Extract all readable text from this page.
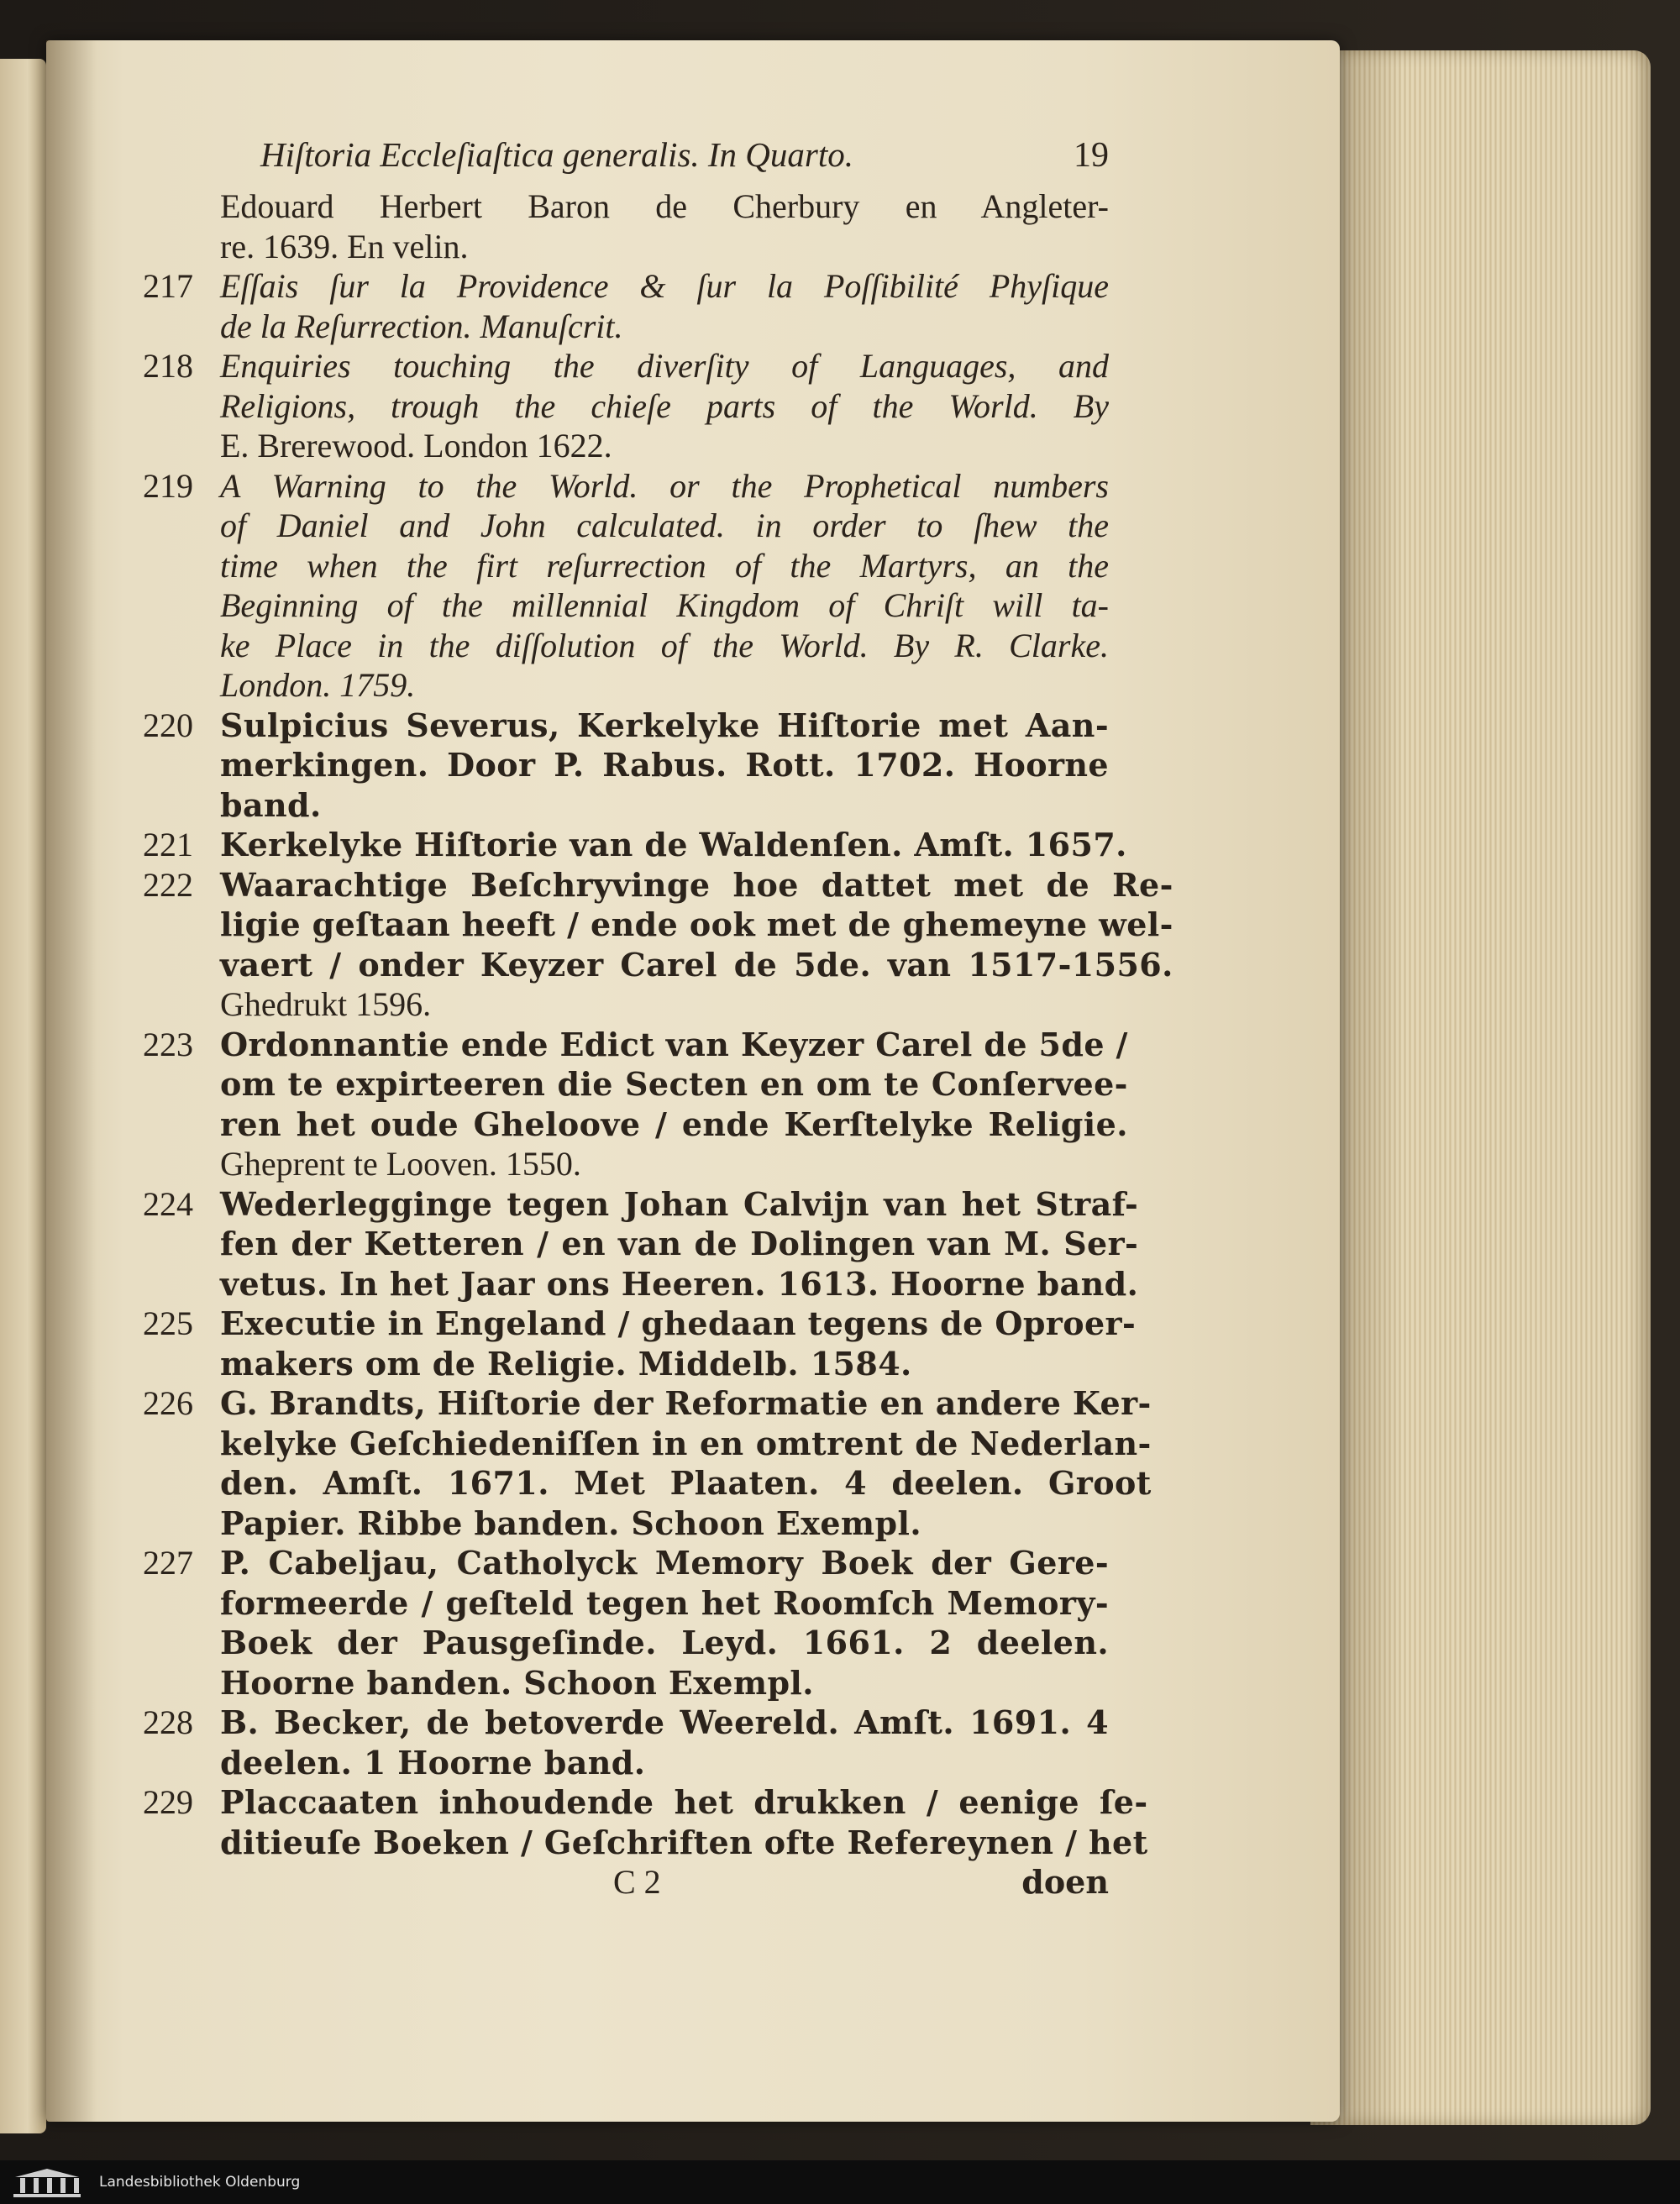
Hiſtoria Eccleſiaſtica generalis. In Quarto.	19
Edouard Herbert Baron de Cherbury en Angleter-
re. 1639. En velin.
217 Eſſais ſur la Providence & ſur la Poſſibilité Phyſique
de la Reſurrection. Manuſcrit.
218 Enquiries touching the diverſity of Languages, and
Religions, trough the chieſe parts of the World. By
E. Brerewood. London 1622.
219 A Warning to the World. or the Prophetical numbers
of Daniel and John calculated. in order to ſhew the
time when the firt reſurrection of the Martyrs, an the
Beginning of the millennial Kingdom of Chriſt will ta-
ke Place in the diſſolution of the World. By R. Clarke.
London. 1759.
220 Sulpicius Severus, Kerkelyke Hiſtorie met Aan-
merkingen. Door P. Rabus. Rott. 1702. Hoorne
band.
221 Kerkelyke Hiſtorie van de Waldenſen. Amſt. 1657.
222 Waarachtige Beſchryvinge hoe dattet met de Re-
ligie geſtaan heeft / ende ook met de ghemeyne wel-
vaert / onder Keyzer Carel de 5de. van 1517-1556.
Ghedrukt 1596.
223 Ordonnantie ende Edict van Keyzer Carel de 5de /
om te expirteeren die Secten en om te Conſerveе-
ren het oude Gheloove / ende Kerſtelyke Religie.
Gheprent te Looven. 1550.
224 Wederlegginge tegen Johan Calvijn van het Straf-
fen der Ketteren / en van de Dolingen van M. Ser-
vetus. In het Jaar ons Heeren. 1613. Hoorne band.
225 Executie in Engeland / ghedaan tegens de Oproer-
makers om de Religie. Middelb. 1584.
226 G. Brandts, Hiſtorie der Reformatie en andere Ker-
kelyke Geſchiedeniſſen in en omtrent de Nederlan-
den. Amſt. 1671. Met Plaaten. 4 deelen. Groot
Papier. Ribbe banden. Schoon Exempl.
227 P. Cabeljau, Catholyck Memory Boek der Gere-
formeerde / geſteld tegen het Roomſch Memory-
Boek der Pausgeſinde. Leyd. 1661. 2 deelen.
Hoorne banden. Schoon Exempl.
228 B. Becker, de betoverde Weereld. Amſt. 1691. 4
deelen. 1 Hoorne band.
229 Placcaaten inhoudende het drukken / eenige ſe-
ditieuſe Boeken / Geſchriften ofte Refereynen / het
C 2	doen
Landesbibliothek Oldenburg
